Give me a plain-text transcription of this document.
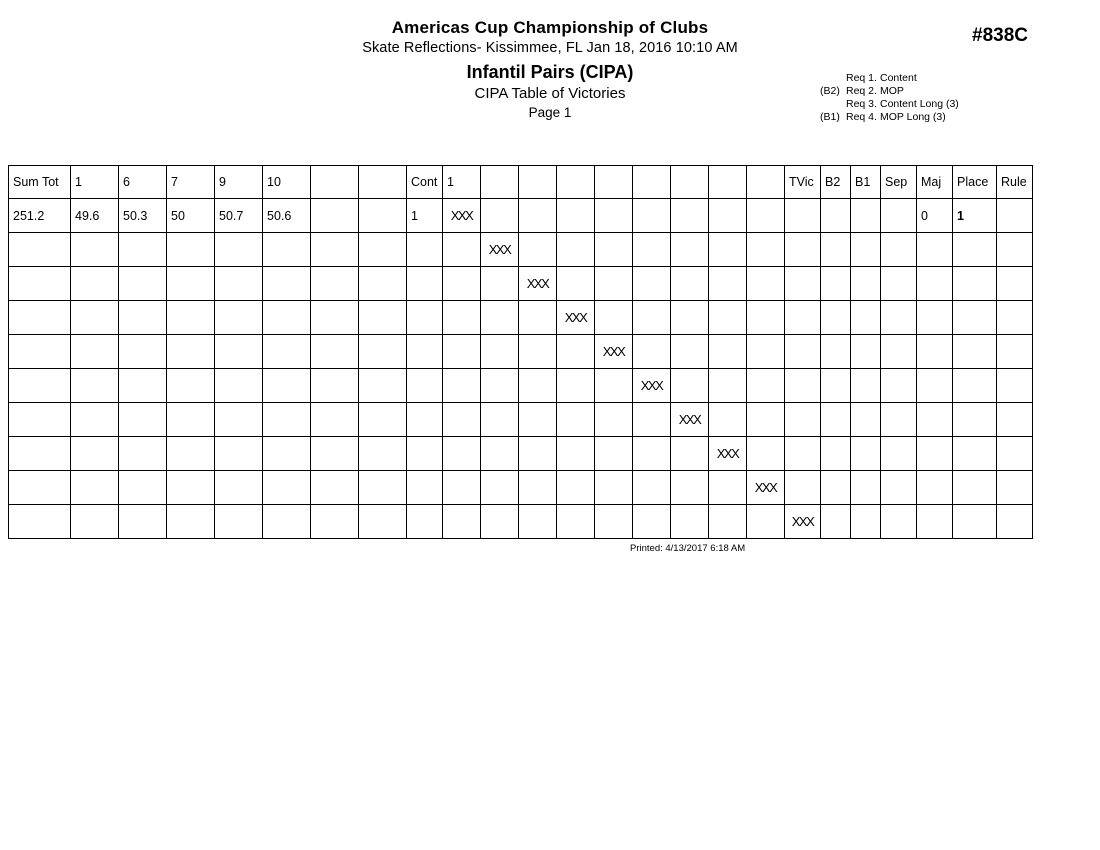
Americas Cup Championship of Clubs
Skate Reflections- Kissimmee, FL Jan 18, 2016 10:10 AM
Infantil Pairs (CIPA)
CIPA Table of Victories
Page 1
#838C
Req 1. Content
(B2) Req 2. MOP
Req 3. Content Long (3)
(B1) Req 4. MOP Long (3)
Sum Tot	1	6	7	9	10			Cont	1									TVic	B2	B1	Sep	Maj	Place	Rule
251.2	49.6	50.3	50	50.7	50.6			1	XXX													0	1	

										XXX														

											XXX													

												XXX												

													XXX											

														XXX										

															XXX									

																XXX								

																	XXX							

																		XXX						

Printed: 4/13/2017 6:18 AM
